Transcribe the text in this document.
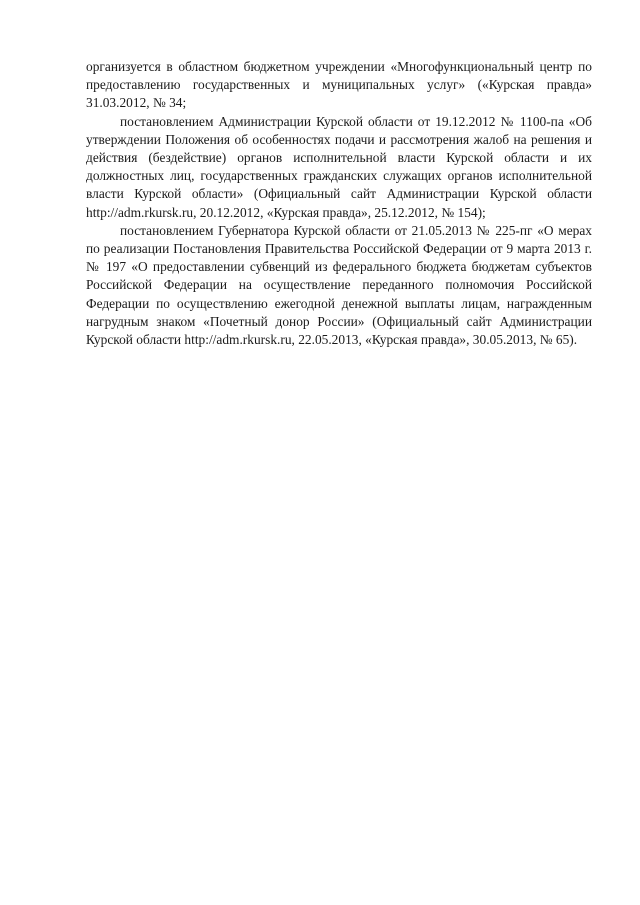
организуется в областном бюджетном учреждении «Многофункциональный центр по предоставлению государственных и муниципальных услуг» («Курская правда» 31.03.2012, № 34;

постановлением Администрации Курской области от 19.12.2012 № 1100-па «Об утверждении Положения об особенностях подачи и рассмотрения жалоб на решения и действия (бездействие) органов исполнительной власти Курской области и их должностных лиц, государственных гражданских служащих органов исполнительной власти Курской области» (Официальный сайт Администрации Курской области http://adm.rkursk.ru, 20.12.2012, «Курская правда», 25.12.2012, № 154);

постановлением Губернатора Курской области от 21.05.2013 № 225-пг «О мерах по реализации Постановления Правительства Российской Федерации от 9 марта 2013 г. № 197 «О предоставлении субвенций из федерального бюджета бюджетам субъектов Российской Федерации на осуществление переданного полномочия Российской Федерации по осуществлению ежегодной денежной выплаты лицам, награжденным нагрудным знаком «Почетный донор России» (Официальный сайт Администрации Курской области http://adm.rkursk.ru, 22.05.2013, «Курская правда», 30.05.2013, № 65).
